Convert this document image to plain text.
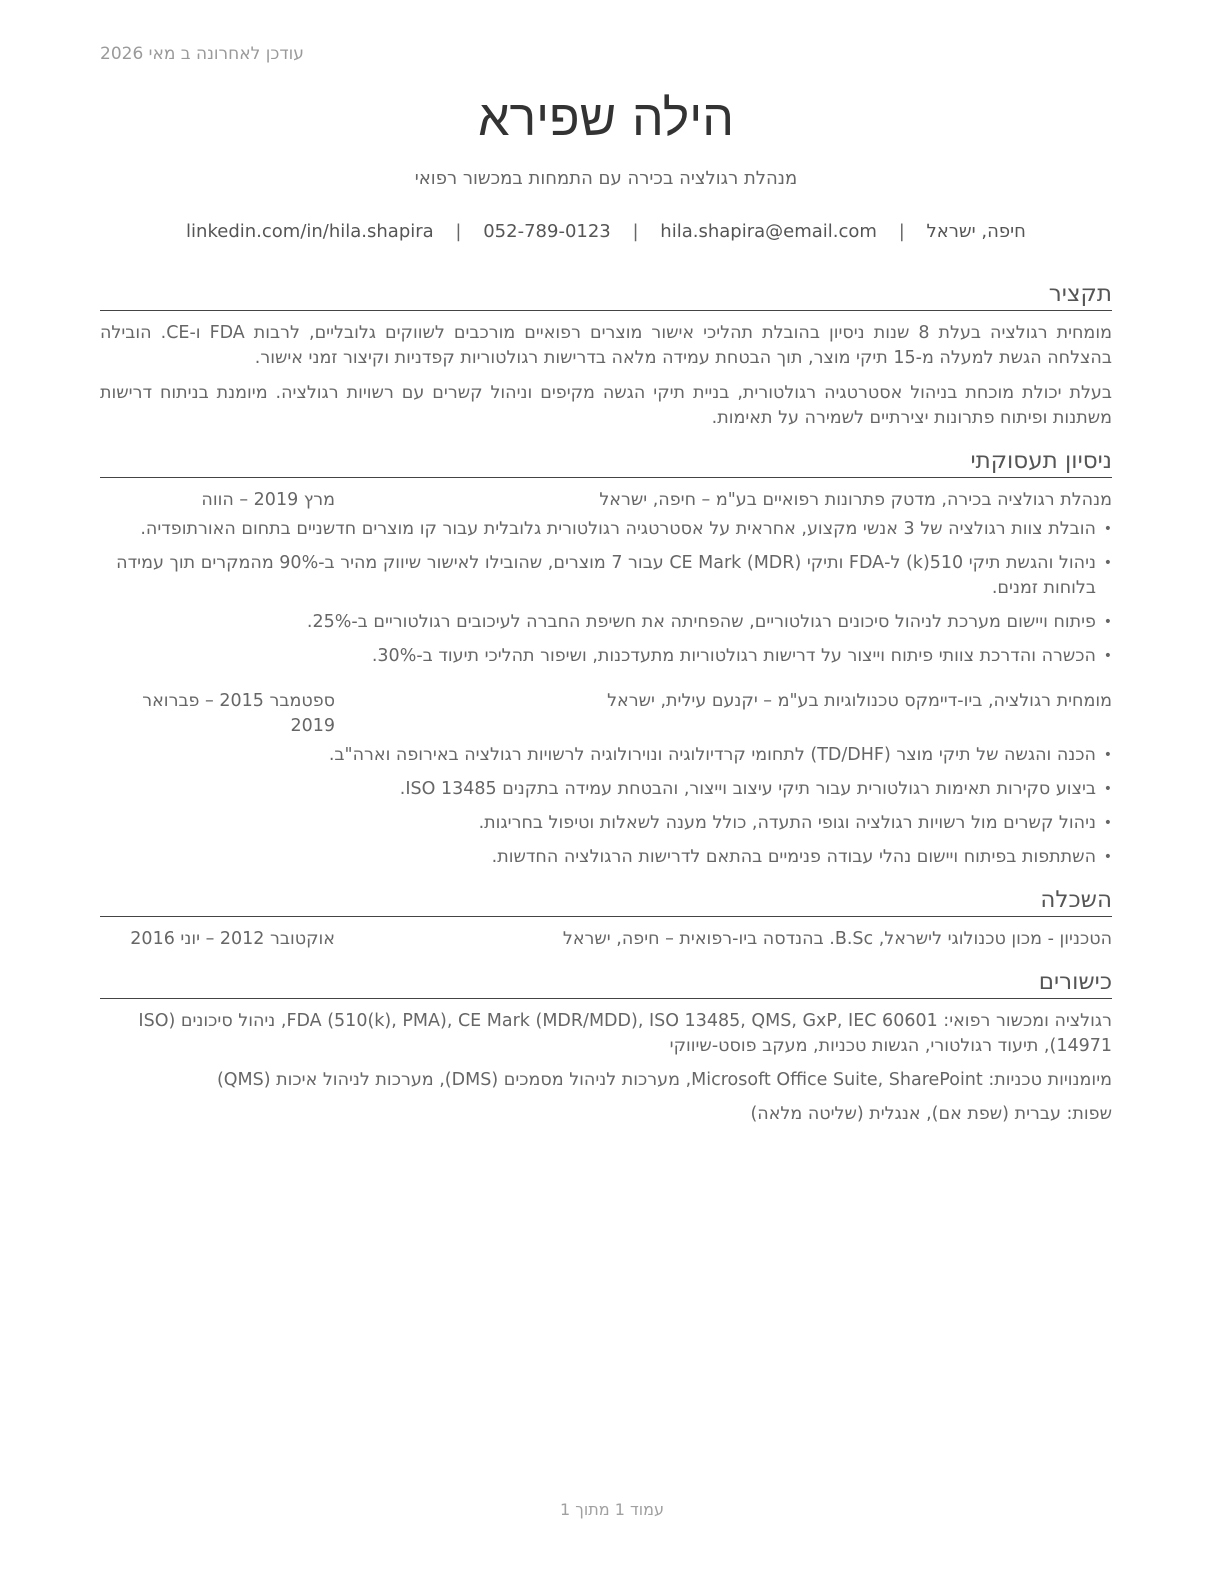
עודכן לאחרונה ב מאי 2026
הילה שפירא
מנהלת רגולציה בכירה עם התמחות במכשור רפואי
חיפה, ישראל | hila.shapira@email.com | 052-789-0123 | linkedin.com/in/hila.shapira
תקציר

מומחית רגולציה בעלת 8 שנות ניסיון בהובלת תהליכי אישור מוצרים רפואיים מורכבים לשווקים גלובליים, לרבות FDA ו-CE. הובילה בהצלחה הגשת למעלה מ-15 תיקי מוצר, תוך הבטחת עמידה מלאה בדרישות רגולטוריות קפדניות וקיצור זמני אישור.

בעלת יכולת מוכחת בניהול אסטרטגיה רגולטורית, בניית תיקי הגשה מקיפים וניהול קשרים עם רשויות רגולציה. מיומנת בניתוח דרישות משתנות ופיתוח פתרונות יצירתיים לשמירה על תאימות.

ניסיון תעסוקתי
מנהלת רגולציה בכירה, מדטק פתרונות רפואיים בע"מ – חיפה, ישראל
מרץ 2019 – הווה
• הובלת צוות רגולציה של 3 אנשי מקצוע, אחראית על אסטרטגיה רגולטורית גלובלית עבור קו מוצרים חדשניים בתחום האורתופדיה.
• ניהול והגשת תיקי 510(k) ל-FDA ותיקי CE Mark (MDR) עבור 7 מוצרים, שהובילו לאישור שיווק מהיר ב-90% מהמקרים תוך עמידה בלוחות זמנים.
• פיתוח ויישום מערכת לניהול סיכונים רגולטוריים, שהפחיתה את חשיפת החברה לעיכובים רגולטוריים ב-25%.
• הכשרה והדרכת צוותי פיתוח וייצור על דרישות רגולטוריות מתעדכנות, ושיפור תהליכי תיעוד ב-30%.
מומחית רגולציה, ביו-דיימקס טכנולוגיות בע"מ – יקנעם עילית, ישראל
ספטמבר 2015 – פברואר 2019
• הכנה והגשה של תיקי מוצר (TD/DHF) לתחומי קרדיולוגיה ונוירולוגיה לרשויות רגולציה באירופה וארה"ב.
• ביצוע סקירות תאימות רגולטורית עבור תיקי עיצוב וייצור, והבטחת עמידה בתקנים ISO 13485.
• ניהול קשרים מול רשויות רגולציה וגופי התעדה, כולל מענה לשאלות וטיפול בחריגות.
• השתתפות בפיתוח ויישום נהלי עבודה פנימיים בהתאם לדרישות הרגולציה החדשות.
השכלה
הטכניון - מכון טכנולוגי לישראל, B.Sc. בהנדסה ביו-רפואית – חיפה, ישראל
אוקטובר 2012 – יוני 2016
כישורים
רגולציה ומכשור רפואי: FDA (510(k), PMA), CE Mark (MDR/MDD), ISO 13485, QMS, GxP, IEC 60601, ניהול סיכונים (ISO 14971), תיעוד רגולטורי, הגשות טכניות, מעקב פוסט-שיווקי
מיומנויות טכניות: Microsoft Office Suite, SharePoint, מערכות לניהול מסמכים (DMS), מערכות לניהול איכות (QMS)
שפות: עברית (שפת אם), אנגלית (שליטה מלאה)
עמוד 1 מתוך 1
